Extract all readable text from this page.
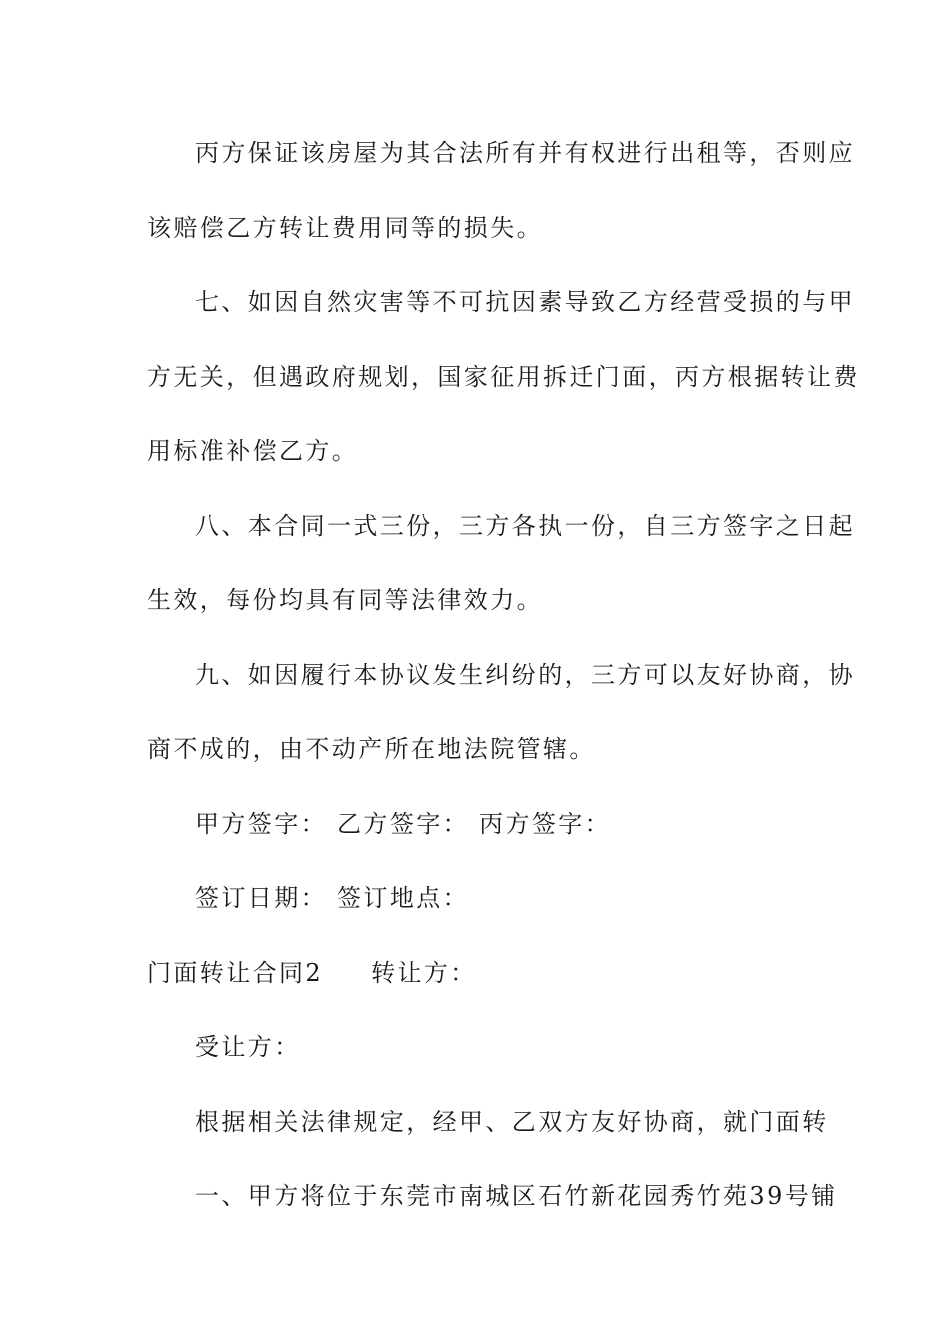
丙方保证该房屋为其合法所有并有权进行出租等，否则应
该赔偿乙方转让费用同等的损失。
七、如因自然灾害等不可抗因素导致乙方经营受损的与甲
方无关，但遇政府规划，国家征用拆迁门面，丙方根据转让费
用标准补偿乙方。
八、本合同一式三份，三方各执一份，自三方签字之日起
生效，每份均具有同等法律效力。
九、如因履行本协议发生纠纷的，三方可以友好协商，协
商不成的，由不动产所在地法院管辖。
甲方签字： 乙方签字： 丙方签字：
签订日期： 签订地点：
门面转让合同2 转让方：
受让方：
根据相关法律规定，经甲、乙双方友好协商，就门面转
一、甲方将位于东莞市南城区石竹新花园秀竹苑39号铺
